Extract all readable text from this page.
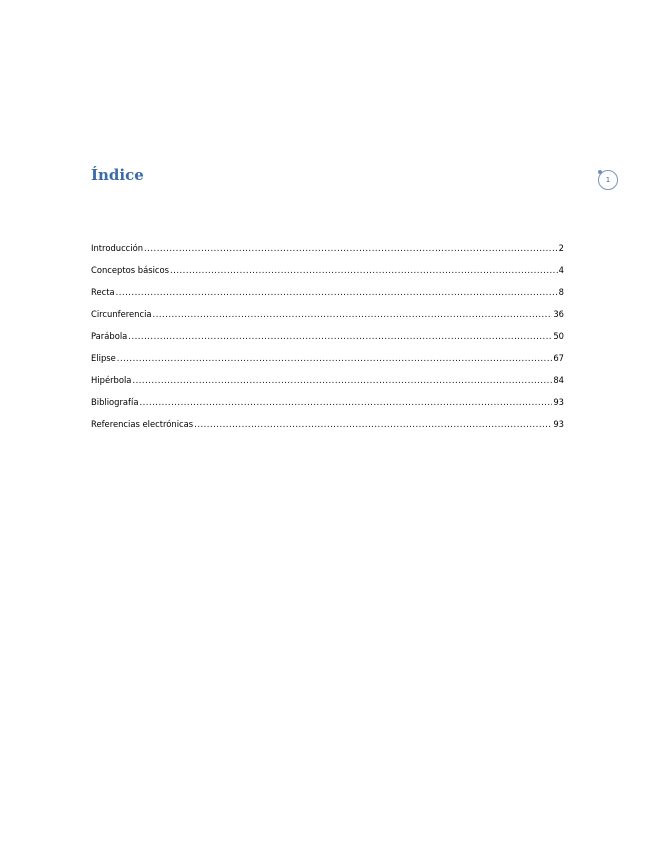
Índice	1
Introducción .....	2
Conceptos básicos .....	4
Recta .....	8
Circunferencia .....	36
Parábola .....	50
Elipse .....	67
Hipérbola .....	84
Bibliografía .....	93
Referencias electrónicas .....	93
